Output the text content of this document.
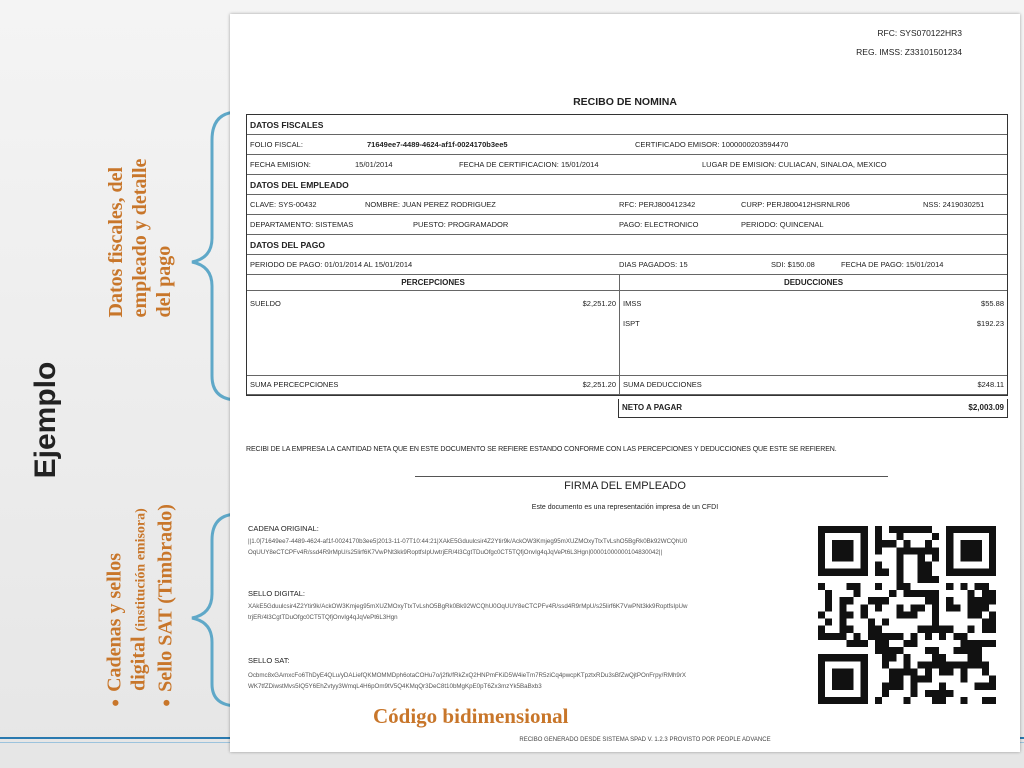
Ejemplo
Datos fiscales, del empleado y detalle del pago
Cadenas y sellos digital (institución emisora) Sello SAT (Timbrado)
RFC: SYS070122HR3
REG. IMSS: Z33101501234
RECIBO DE NOMINA
DATOS FISCALES
FOLIO FISCAL:	71649ee7-4489-4624-af1f-0024170b3ee5	CERTIFICADO EMISOR: 1000000203594470
FECHA EMISION:	15/01/2014	FECHA DE CERTIFICACION: 15/01/2014	LUGAR DE EMISION: CULIACAN, SINALOA, MEXICO
DATOS DEL EMPLEADO
CLAVE: SYS-00432	NOMBRE: JUAN PEREZ RODRIGUEZ	RFC: PERJ800412342	CURP: PERJ800412HSRNLR06	NSS: 2419030251
DEPARTAMENTO: SISTEMAS	PUESTO: PROGRAMADOR	PAGO: ELECTRONICO	PERIODO: QUINCENAL
DATOS DEL PAGO
PERIODO DE PAGO: 01/01/2014 AL 15/01/2014	DIAS PAGADOS: 15	SDI: $150.08	FECHA DE PAGO: 15/01/2014
PERCEPCIONES
SUELDO	$2,251.20
SUMA PERCECPCIONES	$2,251.20
DEDUCCIONES
IMSS	$55.88
ISPT	$192.23
SUMA DEDUCCIONES	$248.11
NETO A PAGAR	$2,003.09
RECIBI DE LA EMPRESA LA CANTIDAD NETA QUE EN ESTE DOCUMENTO SE REFIERE ESTANDO CONFORME CON LAS PERCEPCIONES Y DEDUCCIONES QUE ESTE SE REFIEREN.
FIRMA DEL EMPLEADO
Este documento es una representación impresa de un CFDI
CADENA ORIGINAL:
||1.0|71649ee7-4489-4624-af1f-0024170b3ee5|2013-11-07T10:44:21|XAkE5Gduulcsir4Z2Ytir9k/AckOW3Kmjeg95mXUZMOxyTtxTvLshO5BgRk0Bk92WCQhU0OqUUY8eCTCPFv4R/ssd4R9rMpU/s25lirf6K7VwPNt3kk9RoptfsIpUwtrjER/4l3CgtTDuOfgc0CT5TQfjOnvIg4qJqVePt6L3Hgn|00001000000104830042||
SELLO DIGITAL:
XAkE5Gduulcsir4Z2Ytir9k/AckOW3Kmjeg95mXUZMOxyTtxTvLshO5BgRk0Bk92WCQhU0OqUUY8eCTCPFv4R/ssd4R9rMpU/s25lirf6K7VwPNt3kk9RoptfsIpUwtrjER/4l3CgtTDuOfgc0CT5TQfjOnvIg4qJqVePt6L3Hgn
SELLO SAT:
Ocbmc8xGAmxcFo6ThDyE4QLu/yDALiefQKMOMMDph6otaCOHu7o/j2fk/fRkZxQ2HNPmFKiD5W4ieTm7R5ziCq4pwcpKTpztxRDu3sBfZwQjtPOnFrpy/RMh9rXWK7tfZDiwstMvs5IQ5Y6EhZvtyy3WmqL4H6pOm9tV5Q4KMqQr3DeC8t10bMgKpE0pT6Zx3mzYk5BaBxb3
RECIBO GENERADO DESDE SISTEMA SPAD V. 1.2.3 PROVISTO POR PEOPLE ADVANCE
Código bidimensional
